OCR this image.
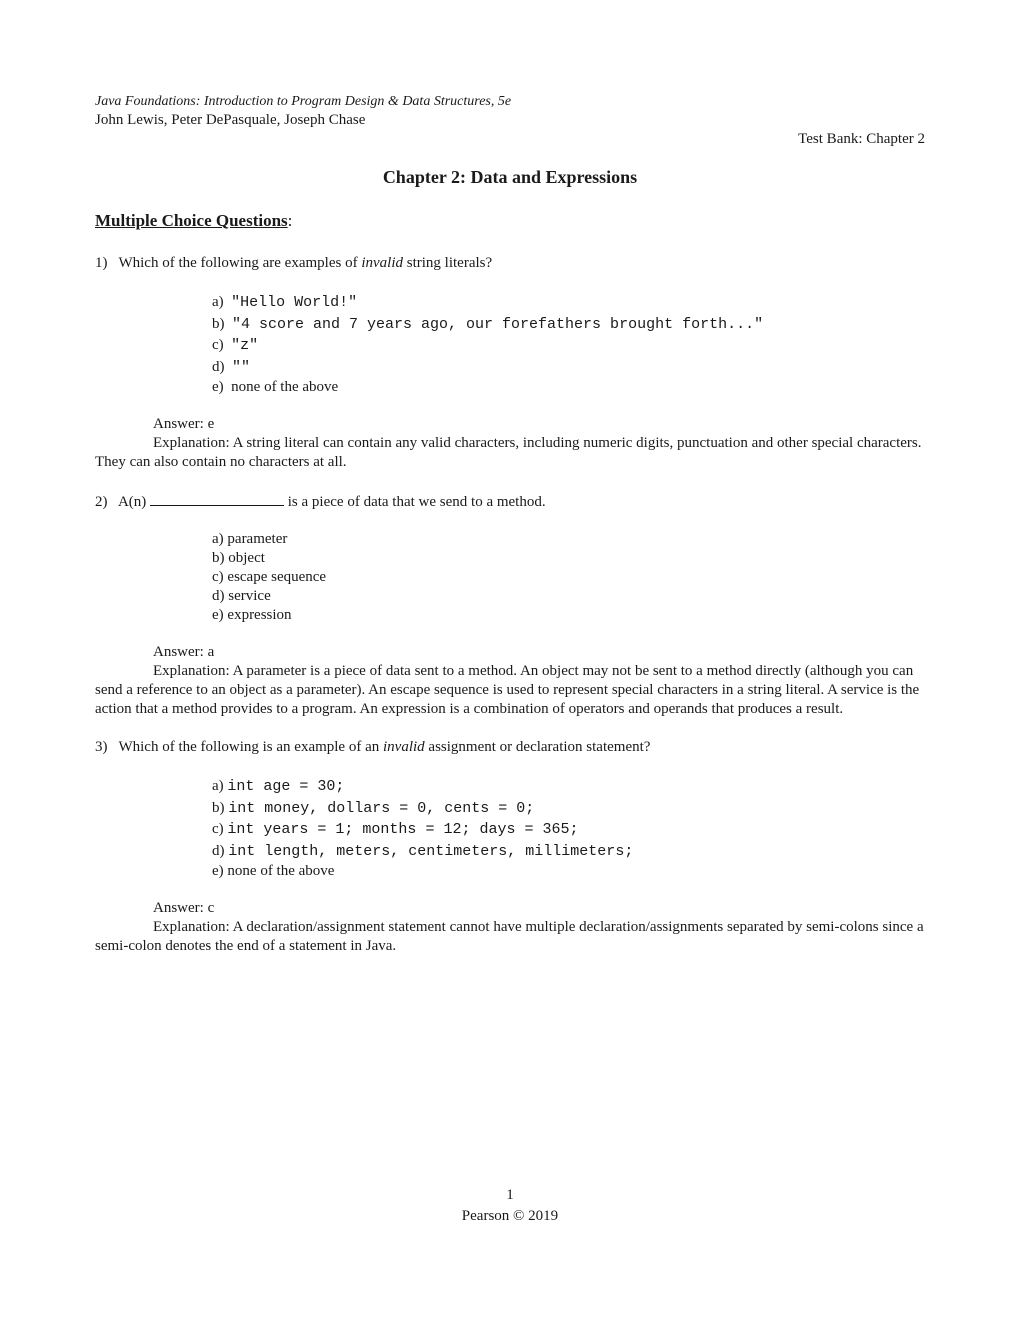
Java Foundations: Introduction to Program Design & Data Structures, 5e
John Lewis, Peter DePasquale, Joseph Chase
Test Bank: Chapter 2
Chapter 2: Data and Expressions
Multiple Choice Questions:
1) Which of the following are examples of invalid string literals?
a) "Hello World!"
b) "4 score and 7 years ago, our forefathers brought forth..."
c) "z"
d) ""
e) none of the above
Answer: e
Explanation: A string literal can contain any valid characters, including numeric digits, punctuation and other special characters. They can also contain no characters at all.
2) A(n)	is a piece of data that we send to a method.
a) parameter
b) object
c) escape sequence
d) service
e) expression
Answer: a
Explanation: A parameter is a piece of data sent to a method. An object may not be sent to a method directly (although you can send a reference to an object as a parameter). An escape sequence is used to represent special characters in a string literal. A service is the action that a method provides to a program. An expression is a combination of operators and operands that produces a result.
3) Which of the following is an example of an invalid assignment or declaration statement?
a) int age = 30;
b) int money, dollars = 0, cents = 0;
c) int years = 1; months = 12; days = 365;
d) int length, meters, centimeters, millimeters;
e) none of the above
Answer: c
Explanation: A declaration/assignment statement cannot have multiple declaration/assignments separated by semi-colons since a semi-colon denotes the end of a statement in Java.
1
Pearson © 2019
